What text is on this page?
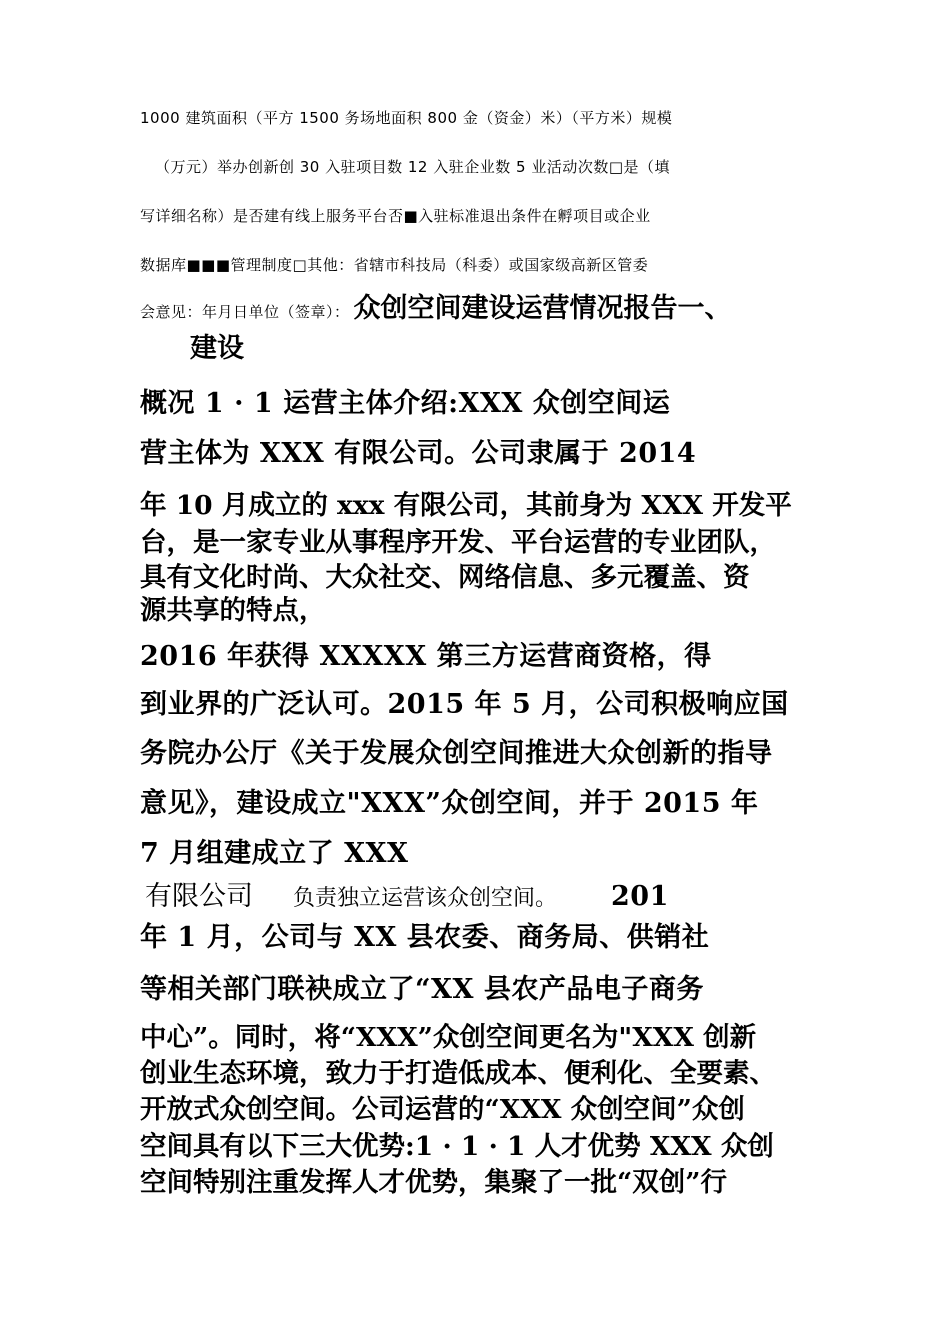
1000 建筑面积（平方 1500 务场地面积 800 金（资金）米）（平方米）规模
（万元）举办创新创 30 入驻项目数 12 入驻企业数 5 业活动次数□是（填
写详细名称）是否建有线上服务平台否■入驻标准退出条件在孵项目或企业
数据库■■■管理制度□其他：省辖市科技局（科委）或国家级高新区管委
会意见：年月日单位（签章）： 众创空间建设运营情况报告一、
建设
概况 1 · 1 运营主体介绍:XXX 众创空间运
营主体为 XXX 有限公司。公司隶属于 2014
年 10 月成立的 xxx 有限公司，其前身为 XXX 开发平
台，是一家专业从事程序开发、平台运营的专业团队，
具有文化时尚、大众社交、网络信息、多元覆盖、资
源共享的特点，
2016 年获得 XXXXX 第三方运营商资格，得
到业界的广泛认可。2015 年 5 月，公司积极响应国
务院办公厅《关于发展众创空间推进大众创新的指导
意见》，建设成立"XXX”众创空间，并于 2015 年
7 月组建成立了 XXX
有限公司 负责独立运营该众创空间。 201
年 1 月，公司与 XX 县农委、商务局、供销社
等相关部门联袂成立了“XX 县农产品电子商务
中心”。同时，将“XXX”众创空间更名为"XXX 创新
创业生态环境，致力于打造低成本、便利化、全要素、
开放式众创空间。公司运营的“XXX 众创空间”众创
空间具有以下三大优势:1 · 1 · 1 人才优势 XXX 众创
空间特别注重发挥人才优势，集聚了一批“双创”行
